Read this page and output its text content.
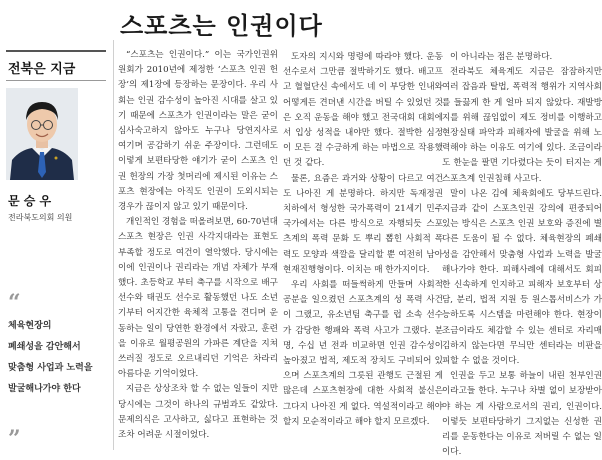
스포츠는 인권이다
전북은 지금
문 승 우
전라북도의회 의원
“
체육현장의
폐쇄성을 감안해서
맞춤형 사업과 노력을
발굴해나가야 한다
”

“스포츠는 인권이다.” 이는 국가인권위원회가 2010년에 제정한 ‘스포츠 인권 헌장’의 제1장에 등장하는 문장이다. 우리 사회는 인권 감수성이 높아진 시대를 살고 있기 때문에 스포츠가 인권이라는 말은 굳이 심사숙고하지 않아도 누구나 당연지사로 여기며 공감하기 쉬운 주장이다. 그런데도 이렇게 보편타당한 얘기가 굳이 스포츠 인권 헌장의 가장 첫머리에 제시된 이유는 스포츠 현장에는 아직도 인권이 도외시되는 경우가 끊이지 않고 있기 때문이다.

개인적인 경험을 떠올려보면, 60-70년대 스포츠 현장은 인권 사각지대라는 표현도 부족할 정도로 여건이 열악했다. 당시에는 이에 인권이나 권리라는 개념 자체가 부재했다. 초등학교 부터 축구를 시작으로 배구선수와 태권도 선수로 활동했던 나도 소년기부터 어지간한 육체적 고통을 견디며 운동하는 일이 당연한 환경에서 자랐고, 훈련을 이유로 월평공원의 가파른 계단을 지쳐 쓰러질 정도로 오르내리던 기억은 차라리 아름다운 기억이었다.

지금은 상상조차 할 수 없는 일들이 지만 당시에는 그것이 하나의 규범과도 같았다. 문제의식은 고사하고, 싫다고 표현하는 것조차 어려운 시절이었다.

도자의 지시와 명령에 따라야 했다. 운동선수로서 그만큼 절박하기도 했다. 배고프고 혈혈단신 속에서도 네 이 부당한 인내와 어떻게든 견뎌낸 시간을 버틸 수 있었던 것은 오직 운동을 해야 했고 전국대회 대회에서 입상 성적을 내야만 했다. 절박한 심정이 모든 걸 수긍하게 하는 마법으로 작용했던 것 같다.

물론, 요즘은 과거와 상황이 다르고 여건도 나아진 게 분명하다. 하지만 독재정권 치하에서 형성한 국가폭력이 21세기 민주국가에서는 다른 방식으로 자행되듯 스포츠계의 폭력 문화 도 뿌리 뽑힌 사회적 폭력도 모양과 색깔을 달리할 뿐 여전히 남아 현재진행형이다. 이치는 매 한가지이다.

우리 사회를 떠들썩하게 만들며 사회적 공분을 일으켰던 스포츠계의 성 폭력 사건이 그랬고, 유소년팀 축구를 럽 소속 선수가 감당한 행패와 폭력 사고가 그랬다. 분명, 수십 년 전과 비교하면 인권 감수성이 높아졌고 법적, 제도적 장치도 구비되어 있으며 스포츠계의 그릇된 관행도 근절된 게 많은데 스포츠현장에 대한 사회적 불신은 그다지 나아진 게 없다. 역설적이라고 해야 할지 모순적이라고 해야 할지 모르겠다.

이 아니라는 점은 분명하다.

전라북도 체육계도 지금은 잠잠하지만 여러 잡음과 탈법, 폭력적 행위가 지역사회를 들끓게 한 게 얼마 되지 않았다. 재발방지를 위해 끊임없이 제도 정비를 이행하고 현장실태 파악과 피해자에 발굴을 위해 노력해야 하는 이유도 여기에 있다. 조금이라도 한눈을 팔면 기다렸다는 듯이 터지는 게 스포츠계 인권침해 사고다.

말이 나온 김에 체육회에도 당부드린다. 지금과 같이 스포츠인권 강의에 편중되어 있는 방식은 스포츠 인권 보호와 증진에 별다른 도움이 될 수 없다. 체육현장의 폐쇄성을 감안해서 맞춤형 사업과 노력을 발굴해나가야 한다. 피해사례에 대해서도 회피한 신속하게 인지하고 피해자 보호부터 상담, 분리, 법적 지원 등 원스톱서비스가 가능하도록 시스템을 마련해야 한다. 현장이 조금이라도 체감할 수 있는 센터로 자리매김하지 않는다면 무늬만 센터라는 비판을 피할 수 없을 것이다.

인권을 두고 보통 하늘이 내린 천부인권이라고들 한다. 누구나 차별 없이 보장받아야 하는 게 사람으로서의 권리, 인권이다. 이렇듯 보편타당하기 그지없는 신성한 권리를 운동한다는 이유로 저버릴 수 없는 일이다.
